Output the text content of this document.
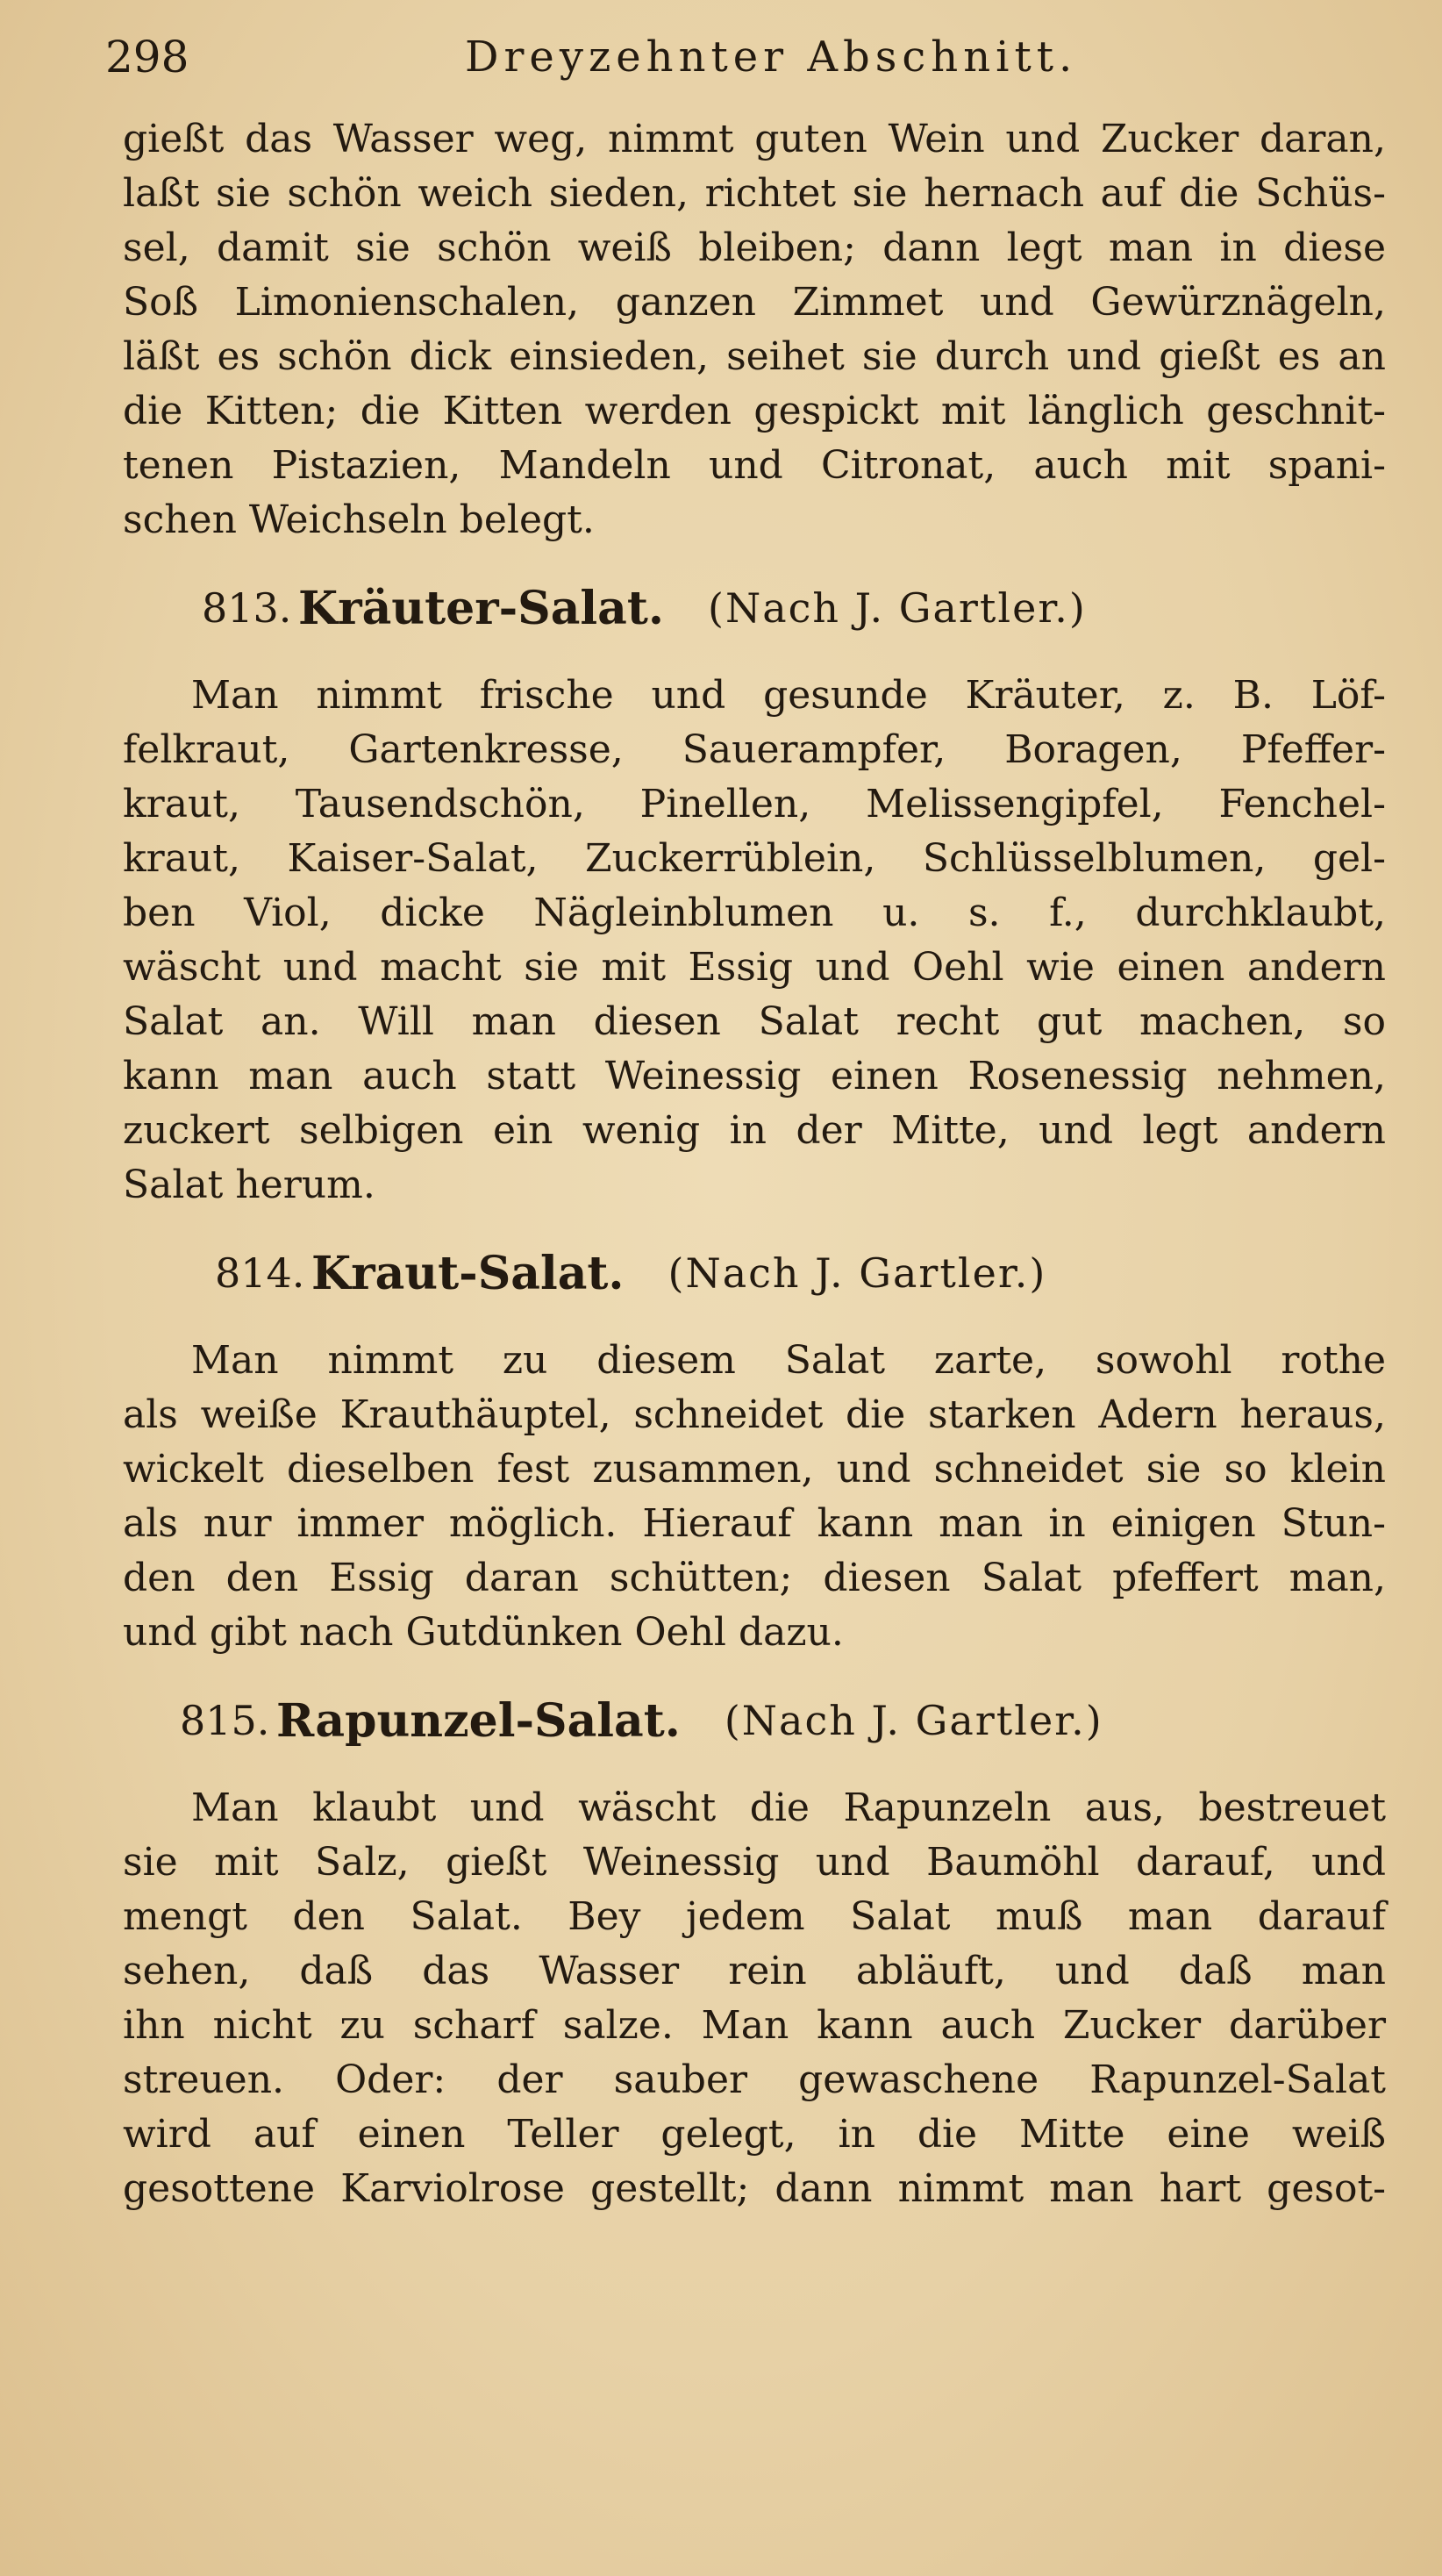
298	Dreyzehnter Abschnitt.
gießt das Wasser weg, nimmt guten Wein und Zucker daran,
laßt sie schön weich sieden, richtet sie hernach auf die Schüs-
sel, damit sie schön weiß bleiben; dann legt man in diese
Soß Limonienschalen, ganzen Zimmet und Gewürznägeln,
läßt es schön dick einsieden, seihet sie durch und gießt es an
die Kitten; die Kitten werden gespickt mit länglich geschnit-
tenen Pistazien, Mandeln und Citronat, auch mit spani-
schen Weichseln belegt.
813. Kräuter-Salat. (Nach J. Gartler.)
Man nimmt frische und gesunde Kräuter, z. B. Löf-
felkraut, Gartenkresse, Sauerampfer, Boragen, Pfeffer-
kraut, Tausendschön, Pinellen, Melissengipfel, Fenchel-
kraut, Kaiser-Salat, Zuckerrüblein, Schlüsselblumen, gel-
ben Viol, dicke Nägleinblumen u. s. f., durchklaubt,
wäscht und macht sie mit Essig und Oehl wie einen andern
Salat an. Will man diesen Salat recht gut machen, so
kann man auch statt Weinessig einen Rosenessig nehmen,
zuckert selbigen ein wenig in der Mitte, und legt andern
Salat herum.
814. Kraut-Salat. (Nach J. Gartler.)
Man nimmt zu diesem Salat zarte, sowohl rothe
als weiße Krauthäuptel, schneidet die starken Adern heraus,
wickelt dieselben fest zusammen, und schneidet sie so klein
als nur immer möglich. Hierauf kann man in einigen Stun-
den den Essig daran schütten; diesen Salat pfeffert man,
und gibt nach Gutdünken Oehl dazu.
815. Rapunzel-Salat. (Nach J. Gartler.)
Man klaubt und wäscht die Rapunzeln aus, bestreuet
sie mit Salz, gießt Weinessig und Baumöhl darauf, und
mengt den Salat. Bey jedem Salat muß man darauf
sehen, daß das Wasser rein abläuft, und daß man
ihn nicht zu scharf salze. Man kann auch Zucker darüber
streuen. Oder: der sauber gewaschene Rapunzel-Salat
wird auf einen Teller gelegt, in die Mitte eine weiß
gesottene Karviolrose gestellt; dann nimmt man hart gesot-
